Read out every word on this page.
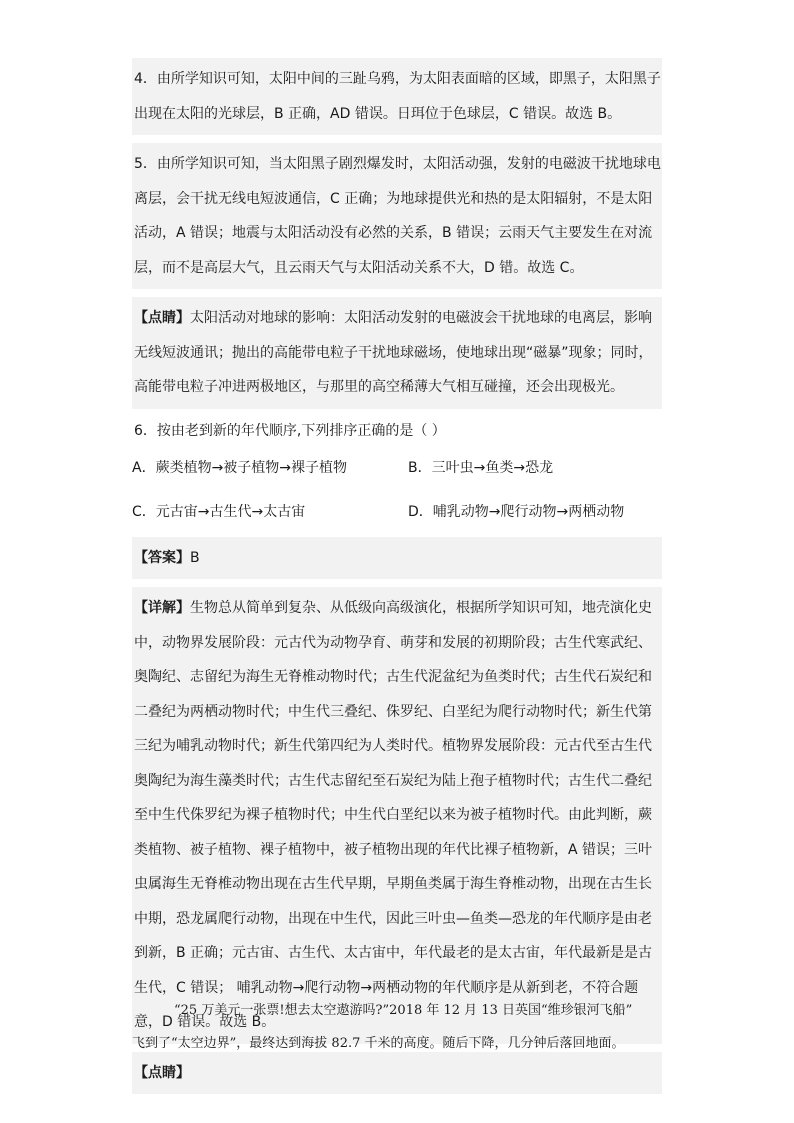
4．由所学知识可知，太阳中间的三趾乌鸦，为太阳表面暗的区域，即黑子，太阳黑子出现在太阳的光球层，B 正确，AD 错误。日珥位于色球层，C 错误。故选 B。
5．由所学知识可知，当太阳黑子剧烈爆发时，太阳活动强，发射的电磁波干扰地球电离层，会干扰无线电短波通信，C 正确；为地球提供光和热的是太阳辐射，不是太阳活动，A 错误；地震与太阳活动没有必然的关系，B 错误；云雨天气主要发生在对流层，而不是高层大气，且云雨天气与太阳活动关系不大，D 错。故选 C。
【点睛】太阳活动对地球的影响：太阳活动发射的电磁波会干扰地球的电离层，影响无线短波通讯；抛出的高能带电粒子干扰地球磁场，使地球出现“磁暴”现象；同时，高能带电粒子冲进两极地区，与那里的高空稀薄大气相互碰撞，还会出现极光。
6．按由老到新的年代顺序,下列排序正确的是（ ）
A．蕨类植物→被子植物→裸子植物	B．三叶虫→鱼类→恐龙
C．元古宙→古生代→太古宙	D．哺乳动物→爬行动物→两栖动物
【答案】B
【详解】生物总从简单到复杂、从低级向高级演化，根据所学知识可知，地壳演化史中，动物界发展阶段：元古代为动物孕育、萌芽和发展的初期阶段；古生代寒武纪、奥陶纪、志留纪为海生无脊椎动物时代；古生代泥盆纪为鱼类时代；古生代石炭纪和二叠纪为两栖动物时代；中生代三叠纪、侏罗纪、白垩纪为爬行动物时代；新生代第三纪为哺乳动物时代；新生代第四纪为人类时代。植物界发展阶段：元古代至古生代奥陶纪为海生藻类时代；古生代志留纪至石炭纪为陆上孢子植物时代；古生代二叠纪至中生代侏罗纪为裸子植物时代；中生代白垩纪以来为被子植物时代。由此判断，蕨类植物、被子植物、裸子植物中，被子植物出现的年代比裸子植物新，A 错误；三叶虫属海生无脊椎动物出现在古生代早期，早期鱼类属于海生脊椎动物，出现在古生长中期，恐龙属爬行动物，出现在中生代，因此三叶虫—鱼类—恐龙的年代顺序是由老到新，B 正确；元古宙、古生代、太古宙中，年代最老的是太古宙，年代最新是是古生代，C 错误； 哺乳动物→爬行动物→两栖动物的年代顺序是从新到老，不符合题意，D 错误。故选 B。
【点睛】

“25 万美元一张票!想去太空遨游吗?”2018 年 12 月 13 日英国“维珍银河飞船”

飞到了“太空边界”，最终达到海拔 82.7 千米的高度。随后下降，几分钟后落回地面。
